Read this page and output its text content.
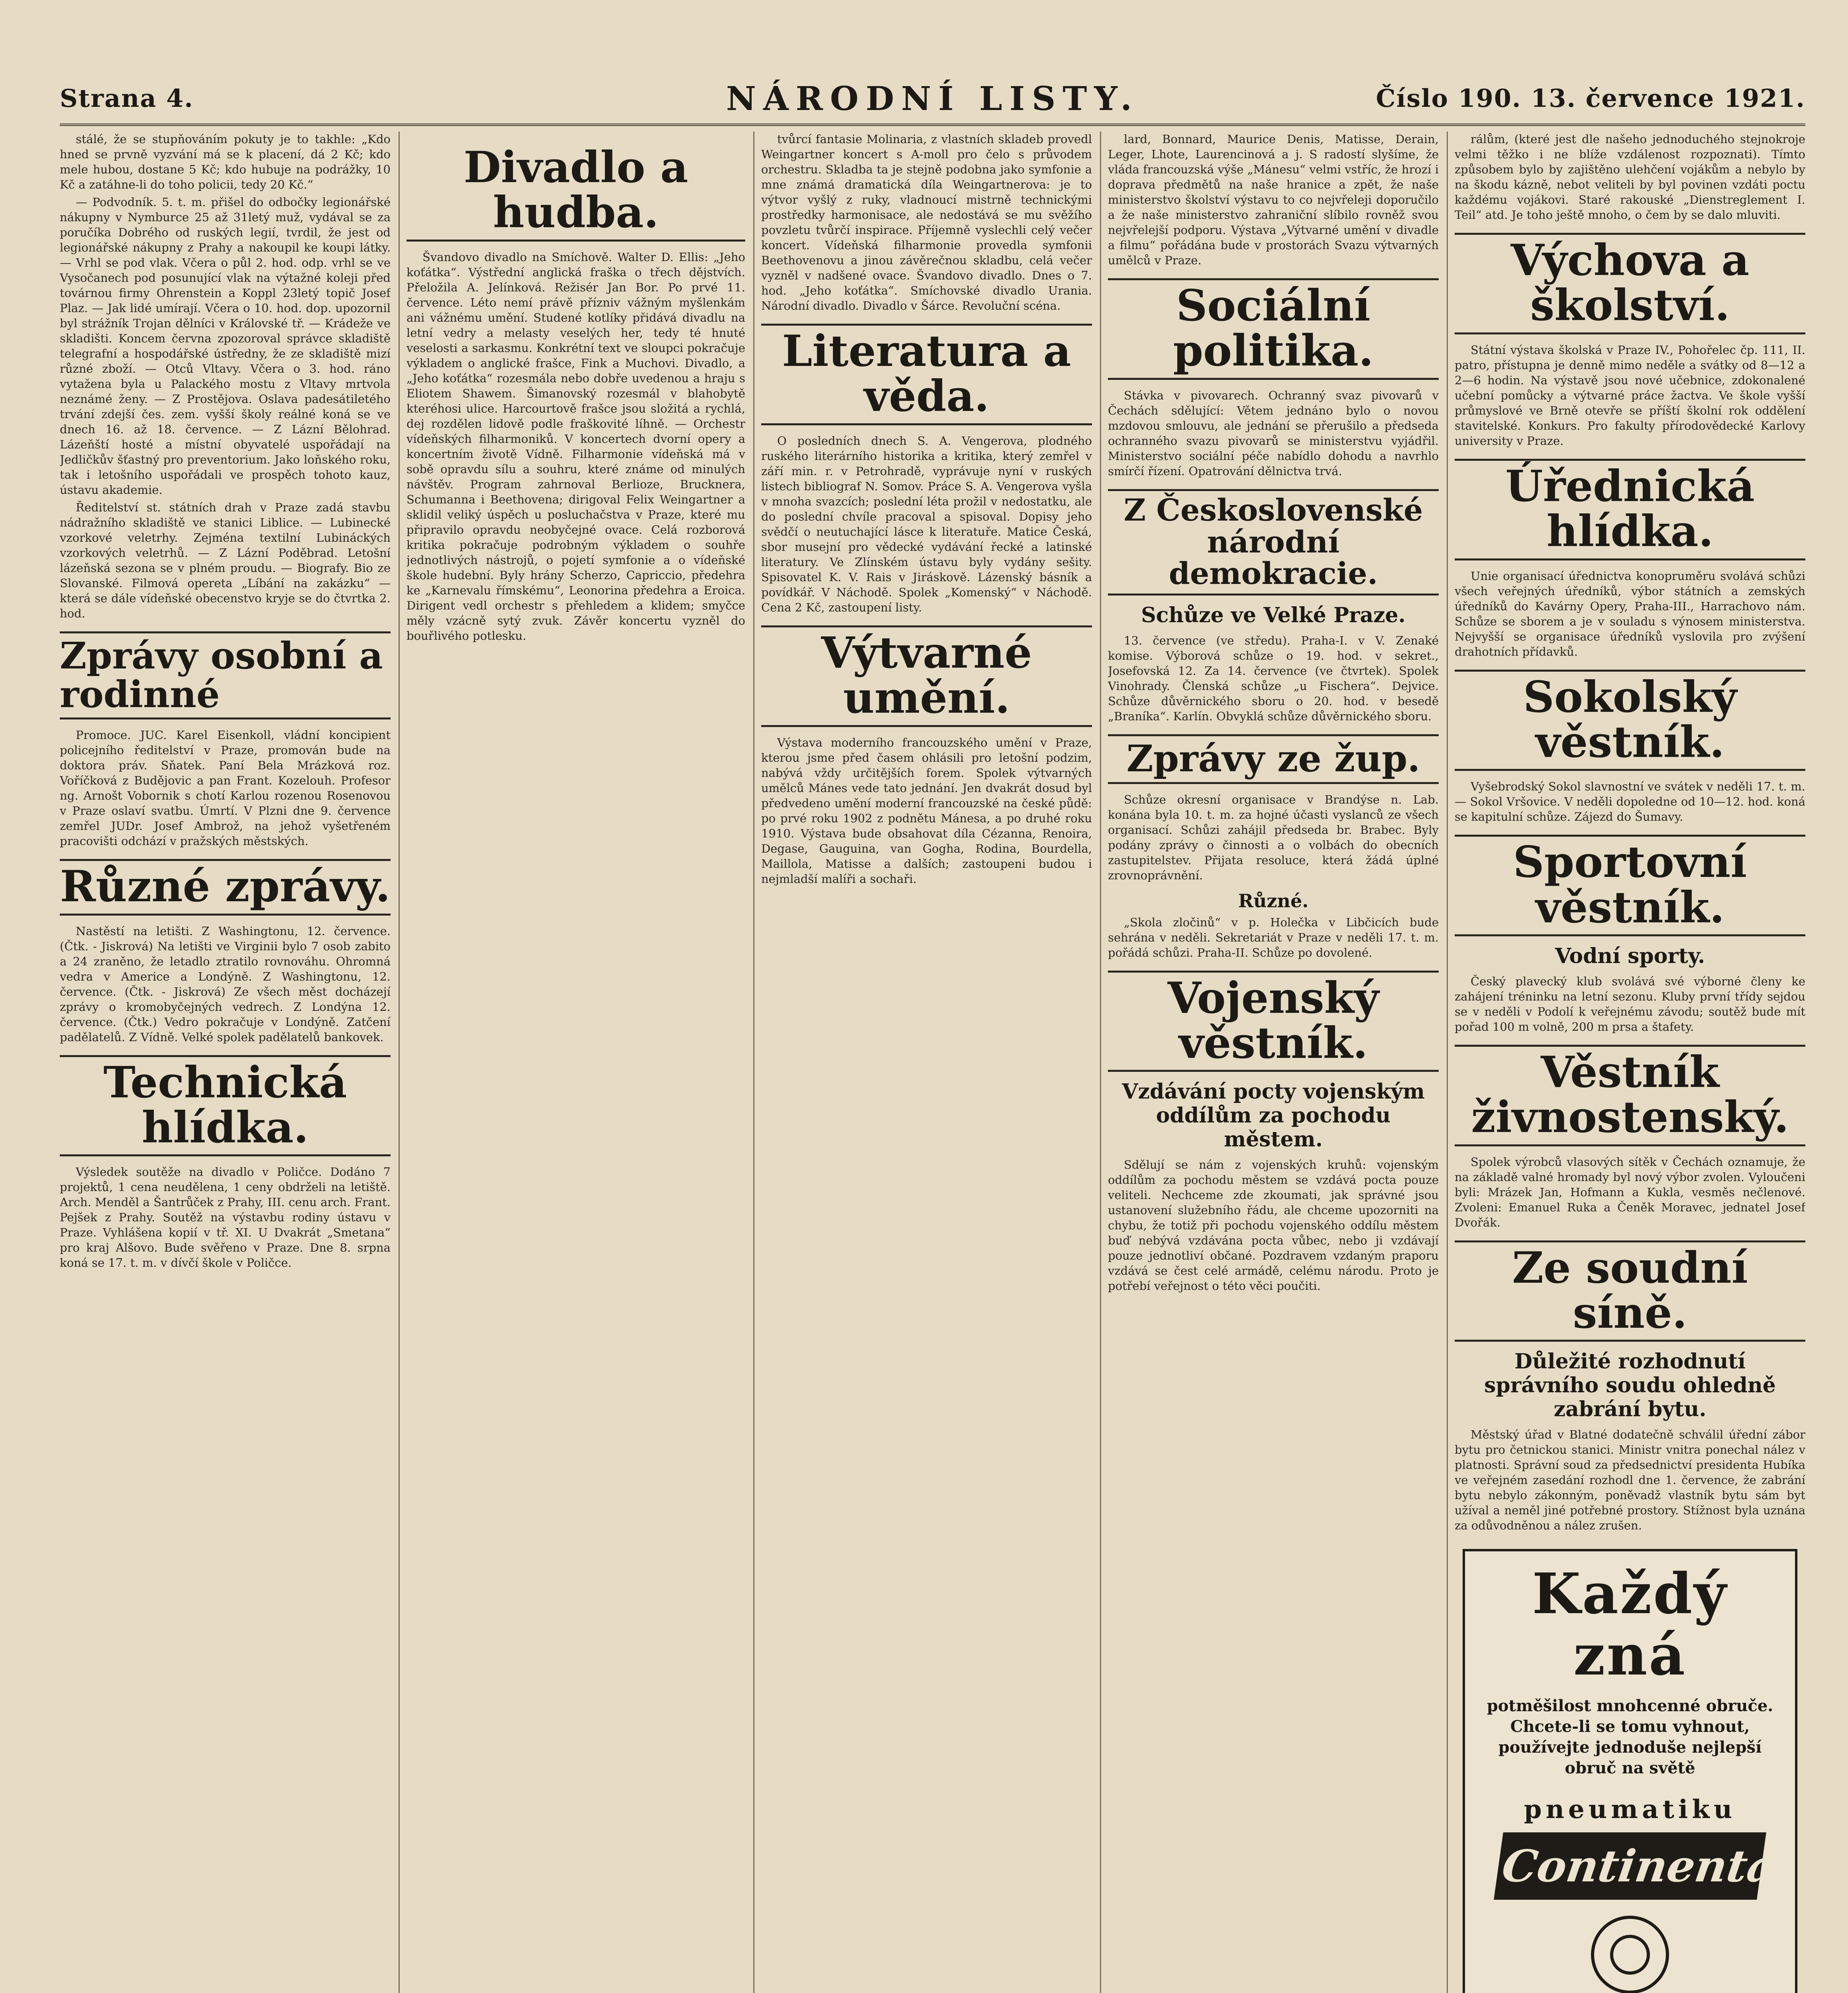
Strana 4.	NÁRODNÍ LISTY.	Číslo 190. 13. července 1921.

stálé, že se stupňováním pokuty je to takhle: „Kdo hned se prvně vyzvání má se k placení, dá 2 Kč; kdo mele hubou, dostane 5 Kč; kdo hubuje na podrážky, 10 Kč a zatáhne-li do toho policii, tedy 20 Kč.“

— Podvodník. 5. t. m. přišel do odbočky legionářské nákupny v Nymburce 25 až 31letý muž, vydával se za poručíka Dobrého od ruských legií, tvrdil, že jest od legionářské nákupny z Prahy a nakoupil ke koupi látky. — Vrhl se pod vlak. Včera o půl 2. hod. odp. vrhl se ve Vysočanech pod posunující vlak na výtažné koleji před továrnou firmy Ohrenstein a Koppl 23letý topič Josef Plaz. — Jak lidé umírají. Včera o 10. hod. dop. upozornil byl strážník Trojan dělníci v Královské tř. — Krádeže ve skladišti. Koncem června zpozoroval správce skladiště telegrafní a hospodářské ústředny, že ze skladiště mizí různé zboží. — Otců Vltavy. Včera o 3. hod. ráno vytažena byla u Palackého mostu z Vltavy mrtvola neznámé ženy. — Z Prostějova. Oslava padesátiletého trvání zdejší čes. zem. vyšší školy reálné koná se ve dnech 16. až 18. července. — Z Lázní Bělohrad. Lázeňští hosté a místní obyvatelé uspořádají na Jedličkův šťastný pro preventorium. Jako loňského roku, tak i letošního uspořádali ve prospěch tohoto kauz, ústavu akademie.

Ředitelství st. státních drah v Praze zadá stavbu nádražního skladiště ve stanici Liblice. — Lubinecké vzorkové veletrhy. Zejména textilní Lubináckých vzorkových veletrhů. — Z Lázní Poděbrad. Letošní lázeňská sezona se v plném proudu. — Biografy. Bio ze Slovanské. Filmová opereta „Líbání na zakázku“ — která se dále vídeňské obecenstvo kryje se do čtvrtka 2. hod.

Zprávy osobní a rodinné

Promoce. JUC. Karel Eisenkoll, vládní koncipient policejního ředitelství v Praze, promován bude na doktora práv. Sňatek. Paní Bela Mrázková roz. Voříčková z Budějovic a pan Frant. Kozelouh. Profesor ng. Arnošt Vobornik s chotí Karlou rozenou Rosenovou v Praze oslaví svatbu. Úmrtí. V Plzni dne 9. července zemřel JUDr. Josef Ambrož, na jehož vyšetřeném pracovišti odchází v pražských městských.

Různé zprávy.

Nastěstí na letišti. Z Washingtonu, 12. července. (Čtk. - Jiskrová) Na letišti ve Virginii bylo 7 osob zabito a 24 zraněno, že letadlo ztratilo rovnováhu. Ohromná vedra v Americe a Londýně. Z Washingtonu, 12. července. (Čtk. - Jiskrová) Ze všech měst docházejí zprávy o kromobyčejných vedrech. Z Londýna 12. července. (Čtk.) Vedro pokračuje v Londýně. Zatčení padělatelů. Z Vídně. Velké spolek padělatelů bankovek.

Technická hlídka.

Výsledek soutěže na divadlo v Poličce. Dodáno 7 projektů, 1 cena neudělena, 1 ceny obdrželi na letiště. Arch. Menděl a Šantrůček z Prahy, III. cenu arch. Frant. Pejšek z Prahy. Soutěž na výstavbu rodiny ústavu v Praze. Vyhlášena kopií v tř. XI. U Dvakrát „Smetana“ pro kraj Alšovo. Bude svěřeno v Praze. Dne 8. srpna koná se 17. t. m. v dívčí škole v Poličce.

Divadlo a hudba.

Švandovo divadlo na Smíchově. Walter D. Ellis: „Jeho koťátka“. Výstřední anglická fraška o třech dějstvích. Přeložila A. Jelínková. Režisér Jan Bor. Po prvé 11. července. Léto nemí právě přízniv vážným myšlenkám ani vážnému umění. Studené kotlíky přidává divadlu na letní vedry a melasty veselých her, tedy té hnuté veselosti a sarkasmu. Konkrétní text ve sloupci pokračuje výkladem o anglické frašce, Fink a Muchovi. Divadlo, a „Jeho koťátka“ rozesmála nebo dobře uvedenou a hraju s Eliotem Shawem. Šimanovský rozesmál v blahobytě kteréhosi ulice. Harcourtově frašce jsou složitá a rychlá, dej rozdělen lidově podle fraškovité líhně. — Orchestr vídeňských filharmoniků. V koncertech dvorní opery a koncertním životě Vídně. Filharmonie vídeňská má v sobě opravdu sílu a souhru, které známe od minulých návštěv. Program zahrnoval Berlioze, Brucknera, Schumanna i Beethovena; dirigoval Felix Weingartner a sklidil veliký úspěch u posluchačstva v Praze, které mu připravilo opravdu neobyčejné ovace. Celá rozborová kritika pokračuje podrobným výkladem o souhře jednotlivých nástrojů, o pojetí symfonie a o vídeňské škole hudební. Byly hrány Scherzo, Capriccio, předehra ke „Karnevalu římskému“, Leonorina předehra a Eroica. Dirigent vedl orchestr s přehledem a klidem; smyčce měly vzácně sytý zvuk. Závěr koncertu vyzněl do bouřlivého potlesku.

tvůrcí fantasie Molinaria, z vlastních skladeb provedl Weingartner koncert s A-moll pro čelo s průvodem orchestru. Skladba ta je stejně podobna jako symfonie a mne známá dramatická díla Weingartnerova: je to výtvor vyšlý z ruky, vladnoucí mistrně technickými prostředky harmonisace, ale nedostává se mu svěžího povzletu tvůrčí inspirace. Příjemně vyslechli celý večer koncert. Vídeňská filharmonie provedla symfonii Beethovenovu a jinou závěrečnou skladbu, celá večer vyzněl v nadšené ovace. Švandovo divadlo. Dnes o 7. hod. „Jeho koťátka“. Smíchovské divadlo Urania. Národní divadlo. Divadlo v Šárce. Revoluční scéna.

Literatura a věda.

O posledních dnech S. A. Vengerova, plodného ruského literárního historika a kritika, který zemřel v září min. r. v Petrohradě, vyprávuje nyní v ruských listech bibliograf N. Somov. Práce S. A. Vengerova vyšla v mnoha svazcích; poslední léta prožil v nedostatku, ale do poslední chvíle pracoval a spisoval. Dopisy jeho svědčí o neutuchající lásce k literatuře. Matice Česká, sbor musejní pro vědecké vydávání řecké a latinské literatury. Ve Zlínském ústavu byly vydány sešity. Spisovatel K. V. Rais v Jiráskově. Lázenský básník a povídkář. V Náchodě. Spolek „Komenský“ v Náchodě. Cena 2 Kč, zastoupení listy.

Výtvarné umění.

Výstava moderního francouzského umění v Praze, kterou jsme před časem ohlásili pro letošní podzim, nabývá vždy určitějších forem. Spolek výtvarných umělců Mánes vede tato jednání. Jen dvakrát dosud byl předvedeno umění moderní francouzské na české půdě: po prvé roku 1902 z podnětu Mánesa, a po druhé roku 1910. Výstava bude obsahovat díla Cézanna, Renoira, Degase, Gauguina, van Gogha, Rodina, Bourdella, Maillola, Matisse a dalších; zastoupeni budou i nejmladší malíři a sochaři.

lard, Bonnard, Maurice Denis, Matisse, Derain, Leger, Lhote, Laurencinová a j. S radostí slyšíme, že vláda francouzská výše „Mánesu“ velmi vstříc, že hrozí i doprava předmětů na naše hranice a zpět, že naše ministerstvo školství výstavu to co nejvřeleji doporučilo a že naše ministerstvo zahraniční slíbilo rovněž svou nejvřelejší podporu. Výstava „Výtvarné umění v divadle a filmu“ pořádána bude v prostorách Svazu výtvarných umělců v Praze.

Sociální politika.

Stávka v pivovarech. Ochranný svaz pivovarů v Čechách sdělující: Větem jednáno bylo o novou mzdovou smlouvu, ale jednání se přerušilo a předseda ochranného svazu pivovarů se ministerstvu vyjádřil. Ministerstvo sociální péče nabídlo dohodu a navrhlo smírčí řízení. Opatrování dělnictva trvá.

Z Československé národní demokracie.
Schůze ve Velké Praze.

13. července (ve středu). Praha-I. v V. Zenaké komise. Výborová schůze o 19. hod. v sekret., Josefovská 12. Za 14. července (ve čtvrtek). Spolek Vinohrady. Členská schůze „u Fischera“. Dejvice. Schůze důvěrnického sboru o 20. hod. v besedě „Braníka“. Karlín. Obvyklá schůze důvěrnického sboru.

Zprávy ze žup.

Schůze okresní organisace v Brandýse n. Lab. konána byla 10. t. m. za hojné účasti vyslanců ze všech organisací. Schůzi zahájil předseda br. Brabec. Byly podány zprávy o činnosti a o volbách do obecních zastupitelstev. Přijata resoluce, která žádá úplné zrovnoprávnění.

Různé.

„Skola zločinů“ v p. Holečka v Libčicích bude sehrána v neděli. Sekretariát v Praze v neděli 17. t. m. pořádá schůzi. Praha-II. Schůze po dovolené.

Vojenský věstník.
Vzdávání pocty vojenským oddílům za pochodu městem.

Sdělují se nám z vojenských kruhů: vojenským oddílům za pochodu městem se vzdává pocta pouze veliteli. Nechceme zde zkoumati, jak správné jsou ustanovení služebního řádu, ale chceme upozorniti na chybu, že totiž při pochodu vojenského oddílu městem buď nebývá vzdávána pocta vůbec, nebo ji vzdávají pouze jednotliví občané. Pozdravem vzdaným praporu vzdává se čest celé armádě, celému národu. Proto je potřebí veřejnost o této věci poučiti.

rálům, (které jest dle našeho jednoduchého stejnokroje velmi těžko i ne blíže vzdálenost rozpoznati). Tímto způsobem bylo by zajištěno ulehčení vojákům a nebylo by na škodu kázně, nebot veliteli by byl povinen vzdáti poctu každému vojákovi. Staré rakouské „Dienstreglement I. Teil“ atd. Je toho ještě mnoho, o čem by se dalo mluviti.

Výchova a školství.

Státní výstava školská v Praze IV., Pohořelec čp. 111, II. patro, přístupna je denně mimo neděle a svátky od 8—12 a 2—6 hodin. Na výstavě jsou nové učebnice, zdokonalené učební pomůcky a výtvarné práce žactva. Ve škole vyšší průmyslové ve Brně otevře se příští školní rok oddělení stavitelské. Konkurs. Pro fakulty přírodovědecké Karlovy university v Praze.

Úřednická hlídka.

Unie organisací úřednictva konopruměru svolává schůzi všech veřejných úředníků, výbor státních a zemských úředníků do Kavárny Opery, Praha-III., Harrachovo nám. Schůze se sborem a je v souladu s výnosem ministerstva. Nejvyšší se organisace úředníků vyslovila pro zvýšení drahotních přídavků.

Sokolský věstník.

Vyšebrodský Sokol slavnostní ve svátek v neděli 17. t. m. — Sokol Vršovice. V neděli dopoledne od 10—12. hod. koná se kapitulní schůze. Zájezd do Šumavy.

Sportovní věstník.
Vodní sporty.

Český plavecký klub svolává své výborné členy ke zahájení tréninku na letní sezonu. Kluby první třídy sejdou se v neděli v Podolí k veřejnému závodu; soutěž bude mít pořad 100 m volně, 200 m prsa a štafety.

Věstník živnostenský.

Spolek výrobců vlasových sítěk v Čechách oznamuje, že na základě valné hromady byl nový výbor zvolen. Vyloučeni byli: Mrázek Jan, Hofmann a Kukla, vesměs nečlenové. Zvoleni: Emanuel Ruka a Čeněk Moravec, jednatel Josef Dvořák.

Ze soudní síně.
Důležité rozhodnutí správního soudu ohledně zabrání bytu.

Městský úřad v Blatné dodatečně schválil úřední zábor bytu pro četnickou stanici. Ministr vnitra ponechal nález v platnosti. Správní soud za předsednictví presidenta Hubíka ve veřejném zasedání rozhodl dne 1. července, že zabrání bytu nebylo zákonným, poněvadž vlastník bytu sám byt užíval a neměl jiné potřebné prostory. Stížnost byla uznána za odůvodněnou a nález zrušen.

Každý zná
potměšilost mnohcenné obruče. Chcete-li se tomu vyhnout, používejte jednoduše nejlepší obruč na světě
pneumatiku
Continental
